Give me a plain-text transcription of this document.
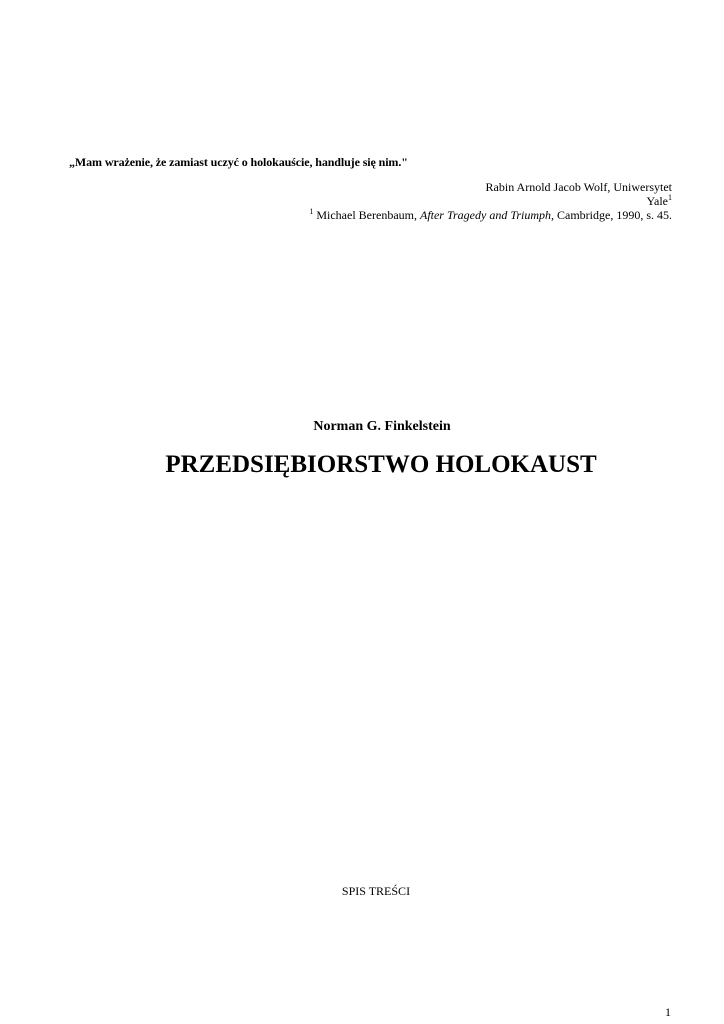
„Mam wrażenie, że zamiast uczyć o holokauście, handluje się nim."
Rabin Arnold Jacob Wolf, Uniwersytet
Yale$^1$
$^1$ Michael Berenbaum, After Tragedy and Triumph, Cambridge, 1990, s. 45.
Norman G. Finkelstein
PRZEDSIĘBIORSTWO HOLOKAUST
SPIS TREŚCI
1
